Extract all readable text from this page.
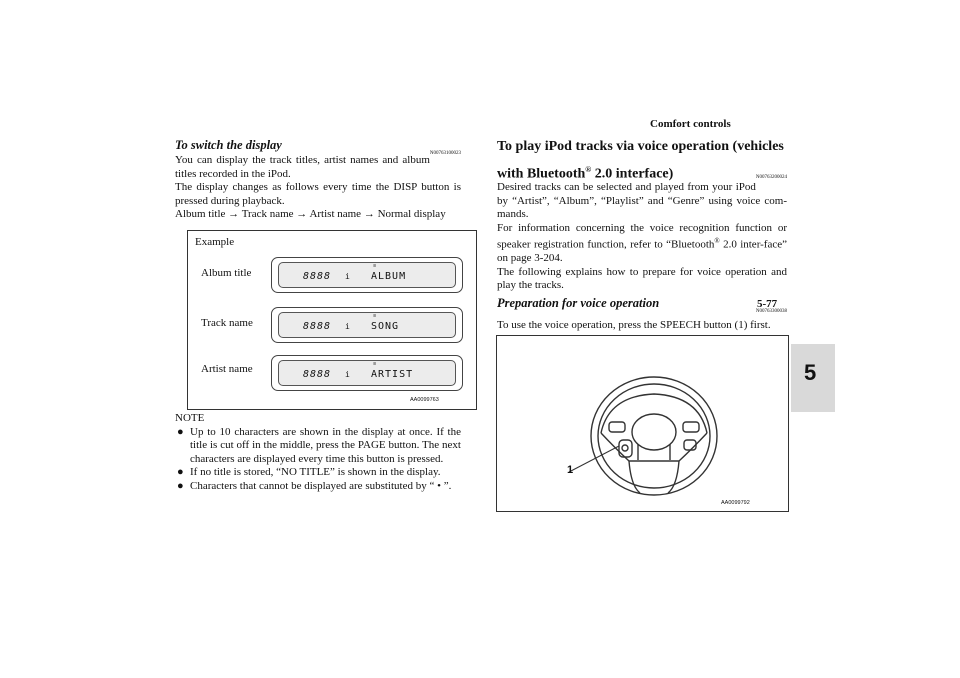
Comfort controls
5-77
5
To switch the display
N00763100023

You can display the track titles, artist names and album titles recorded in the iPod.

The display changes as follows every time the DISP button is pressed during playback.

Album title → Track name → Artist name → Normal display

Example
Album title
≡
8888 i ALBUM
Track name
≡
8888 i SONG
Artist name	≡
8888 i ARTIST
AA0099763
NOTE
● Up to 10 characters are shown in the display at once. If the title is cut off in the middle, press the PAGE button. The next characters are displayed every time this button is pressed.
● If no title is stored, “NO TITLE” is shown in the display.
● Characters that cannot be displayed are substituted by “ • ”.
To play iPod tracks via voice operation (vehicles
with Bluetooth® 2.0 interface)	N00763200024

Desired tracks can be selected and played from your iPod by “Artist”, “Album”, “Playlist” and “Genre” using voice com-mands.

For information concerning the voice recognition function or speaker registration function, refer to “Bluetooth® 2.0 inter-face” on page 3-204.

The following explains how to prepare for voice operation and play the tracks.

Preparation for voice operation
N00763300038

To use the voice operation, press the SPEECH button (1) first.

1
AA0099792
